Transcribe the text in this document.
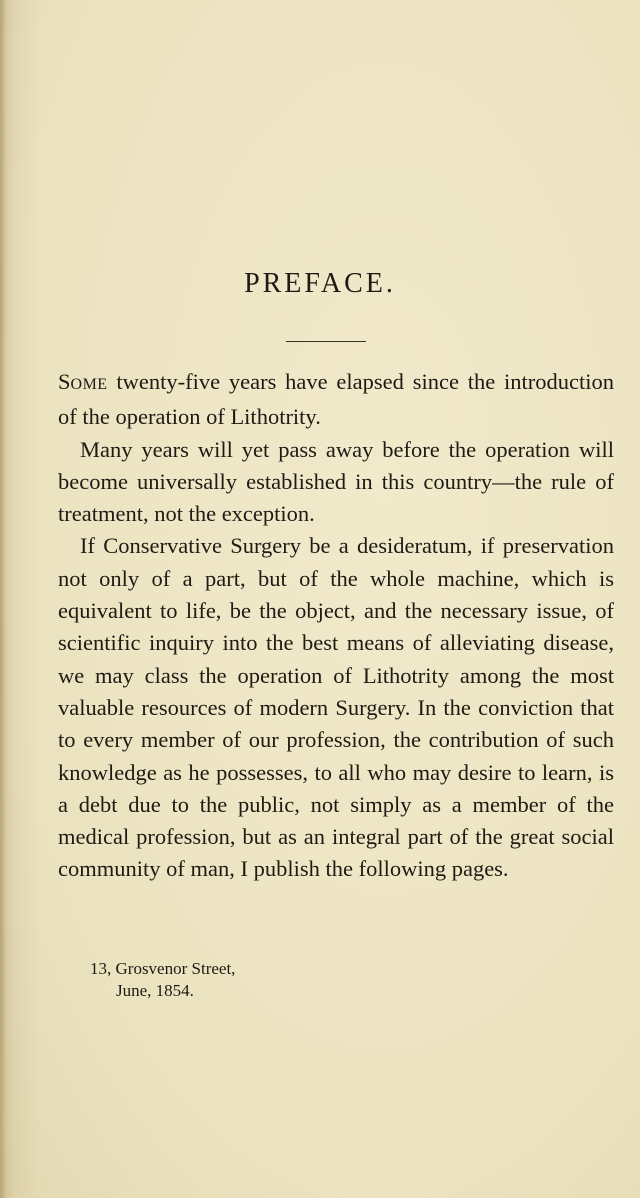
PREFACE.

SOME twenty-five years have elapsed since the introduction of the operation of Lithotrity.

Many years will yet pass away before the operation will become universally established in this country—the rule of treatment, not the exception.

If Conservative Surgery be a desideratum, if preservation not only of a part, but of the whole machine, which is equivalent to life, be the object, and the necessary issue, of scientific inquiry into the best means of alleviating disease, we may class the operation of Lithotrity among the most valuable resources of modern Surgery. In the conviction that to every member of our profession, the contribution of such knowledge as he possesses, to all who may desire to learn, is a debt due to the public, not simply as a member of the medical profession, but as an integral part of the great social community of man, I publish the following pages.

13, Grosvenor Street,
June, 1854.
